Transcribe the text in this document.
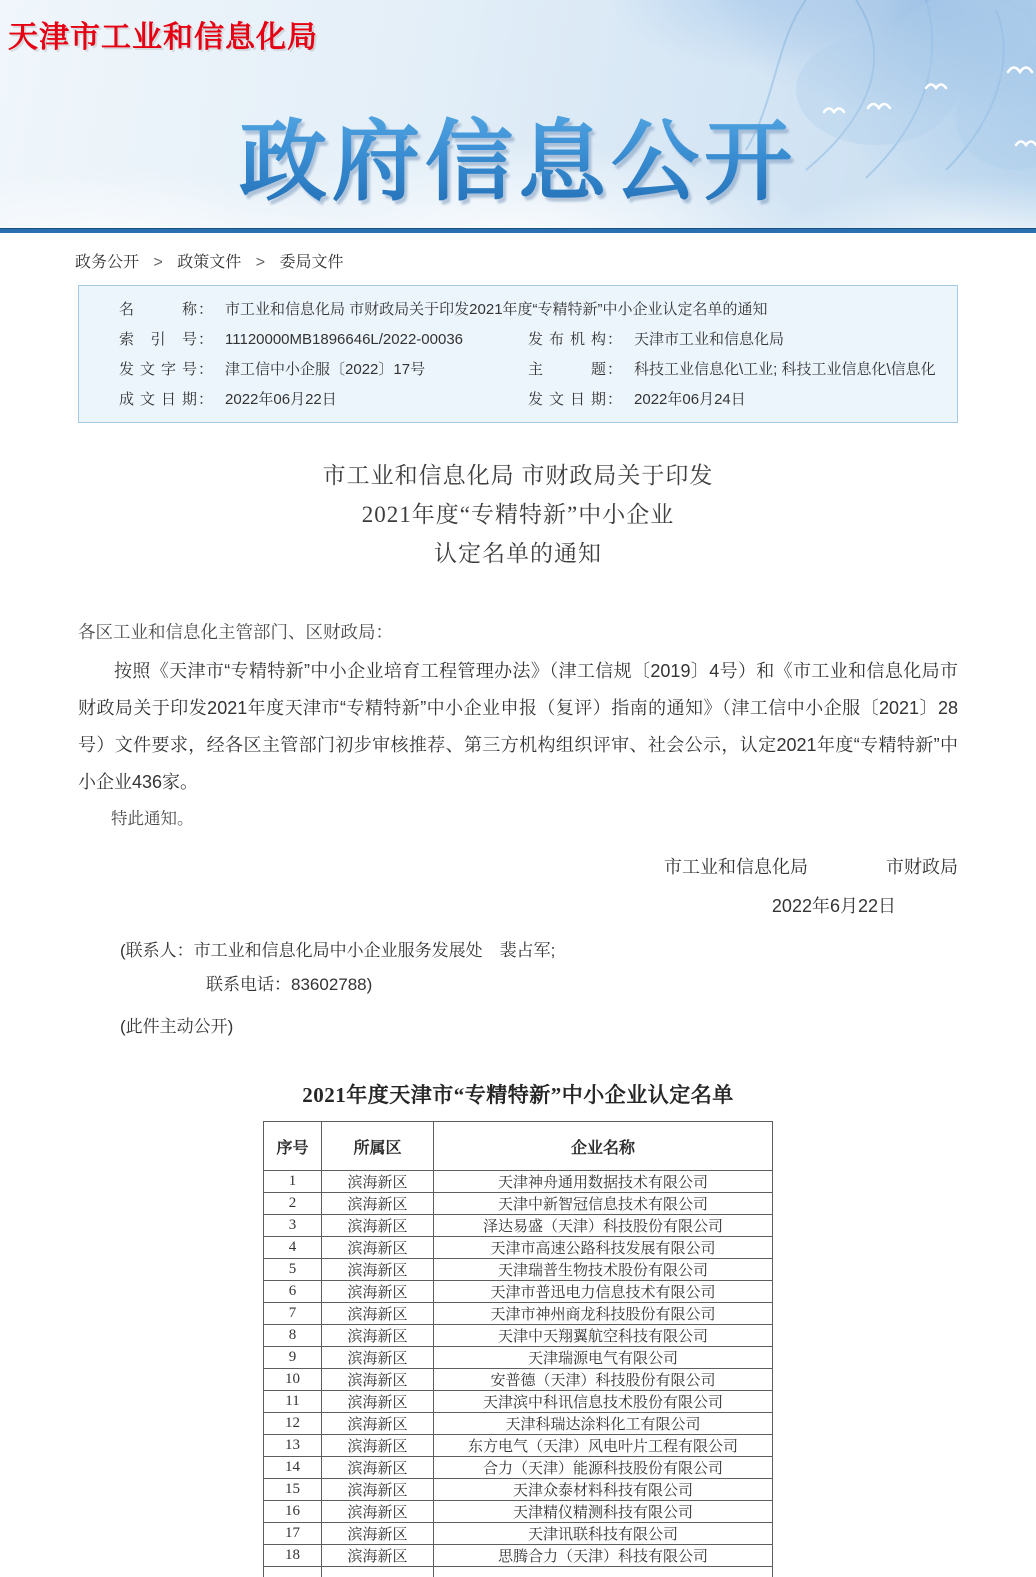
天津市工业和信息化局
政府信息公开
政务公开 > 政策文件 > 委局文件
名称 ： 市工业和信息化局 市财政局关于印发2021年度“专精特新”中小企业认定名单的通知
索引号 ： 11120000MB1896646L/2022-00036	发布机构 ： 天津市工业和信息化局
发文字号 ： 津工信中小企服〔2022〕17号	主题 ： 科技工业信息化\工业; 科技工业信息化\信息化
成文日期 ： 2022年06月22日	发文日期 ： 2022年06月24日
市工业和信息化局 市财政局关于印发
2021年度“专精特新”中小企业
认定名单的通知

各区工业和信息化主管部门、区财政局：

按照《天津市“专精特新”中小企业培育工程管理办法》（津工信规〔2019〕4号）和《市工业和信息化局市财政局关于印发2021年度天津市“专精特新”中小企业申报（复评）指南的通知》（津工信中小企服〔2021〕28号）文件要求，经各区主管部门初步审核推荐、第三方机构组织评审、社会公示，认定2021年度“专精特新”中小企业436家。

特此通知。

市工业和信息化局	市财政局
2022年6月22日
(联系人：市工业和信息化局中小企业服务发展处　裴占军;
联系电话：83602788)
(此件主动公开)
2021年度天津市“专精特新”中小企业认定名单
序号	所属区	企业名称
1	滨海新区	天津神舟通用数据技术有限公司
2	滨海新区	天津中新智冠信息技术有限公司
3	滨海新区	泽达易盛（天津）科技股份有限公司
4	滨海新区	天津市高速公路科技发展有限公司
5	滨海新区	天津瑞普生物技术股份有限公司
6	滨海新区	天津市普迅电力信息技术有限公司
7	滨海新区	天津市神州商龙科技股份有限公司
8	滨海新区	天津中天翔翼航空科技有限公司
9	滨海新区	天津瑞源电气有限公司
10	滨海新区	安普德（天津）科技股份有限公司
11	滨海新区	天津滨中科讯信息技术股份有限公司
12	滨海新区	天津科瑞达涂料化工有限公司
13	滨海新区	东方电气（天津）风电叶片工程有限公司
14	滨海新区	合力（天津）能源科技股份有限公司
15	滨海新区	天津众泰材料科技有限公司
16	滨海新区	天津精仪精测科技有限公司
17	滨海新区	天津讯联科技有限公司
18	滨海新区	思腾合力（天津）科技有限公司
